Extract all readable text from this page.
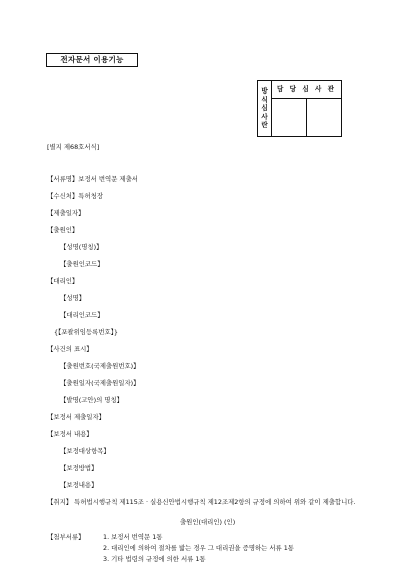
전자문서 이용기능
방
식
심
사
란	담 당 심 사 관	

[별지 제68호서식]
【서류명】보정서 번역문 제출서
【수신처】특허청장
【제출일자】
【출원인】
【성명(명칭)】
【출원인코드】
【대리인】
【성명】
【대리인코드】
{【포괄위임등록번호】}
【사건의 표시】
【출원번호(국제출원번호)】
【출원일자(국제출원일자)】
【발명(고안)의 명칭】
【보정서 제출일자】
【보정서 내용】
【보정대상항목】
【보정방법】
【보정내용】
【취지】 특허법시행규칙 제115조 · 실용신안법시행규칙 제12조제2항의 규정에 의하여 위와 같이 제출합니다.
출원인(대리인) (인)
【첨부서류】	1. 보정서 번역문 1통
2. 대리인에 의하여 절차를 밟는 경우 그 대리권을 증명하는 서류 1통
3. 기타 법령의 규정에 의한 서류 1통
